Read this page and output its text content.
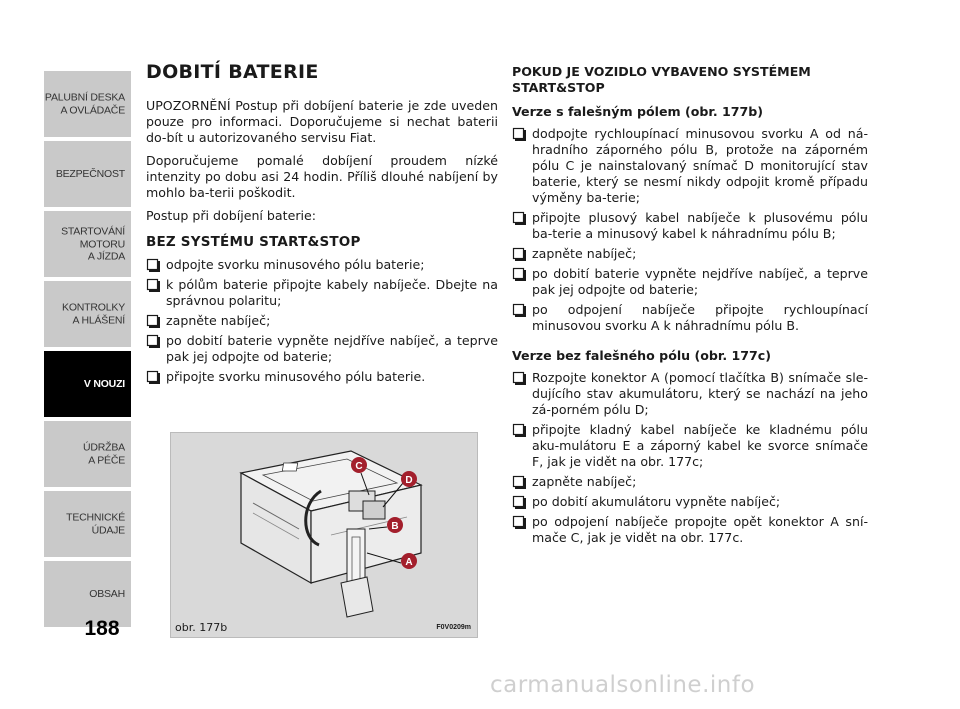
PALUBNÍ DESKA
A OVLÁDAČE
BEZPEČNOST
STARTOVÁNÍ
MOTORU
A JÍZDA
KONTROLKY
A HLÁŠENÍ
V NOUZI
ÚDRŽBA
A PÉČE
TECHNICKÉ
ÚDAJE
OBSAH
188
DOBITÍ BATERIE

UPOZORNĚNÍ Postup při dobíjení baterie je zde uveden pouze pro informaci. Doporučujeme si nechat baterii do-bít u autorizovaného servisu Fiat.

Doporučujeme pomalé dobíjení proudem nízké intenzity po dobu asi 24 hodin. Příliš dlouhé nabíjení by mohlo ba-terii poškodit.

Postup při dobíjení baterie:

BEZ SYSTÉMU START&STOP
odpojte svorku minusového pólu baterie;
k pólům baterie připojte kabely nabíječe. Dbejte na správnou polaritu;
zapněte nabíječ;
po dobití baterie vypněte nejdříve nabíječ, a teprve pak jej odpojte od baterie;
připojte svorku minusového pólu baterie.
C
D
B
A
obr. 177b	F0V0209m
POKUD JE VOZIDLO VYBAVENO SYSTÉMEM START&STOP
Verze s falešným pólem (obr. 177b)
dodpojte rychloupínací minusovou svorku A od ná-hradního záporného pólu B, protože na záporném pólu C je nainstalovaný snímač D monitorující stav baterie, který se nesmí nikdy odpojit kromě případu výměny ba-terie;
připojte plusový kabel nabíječe k plusovému pólu ba-terie a minusový kabel k náhradnímu pólu B;
zapněte nabíječ;
po dobití baterie vypněte nejdříve nabíječ, a teprve pak jej odpojte od baterie;
po odpojení nabíječe připojte rychloupínací minusovou svorku A k náhradnímu pólu B.
Verze bez falešného pólu (obr. 177c)
Rozpojte konektor A (pomocí tlačítka B) snímače sle-dujícího stav akumulátoru, který se nachází na jeho zá-porném pólu D;
připojte kladný kabel nabíječe ke kladnému pólu aku-mulátoru E a záporný kabel ke svorce snímače F, jak je vidět na obr. 177c;
zapněte nabíječ;
po dobití akumulátoru vypněte nabíječ;
po odpojení nabíječe propojte opět konektor A sní-mače C, jak je vidět na obr. 177c.
carmanualsonline.info
